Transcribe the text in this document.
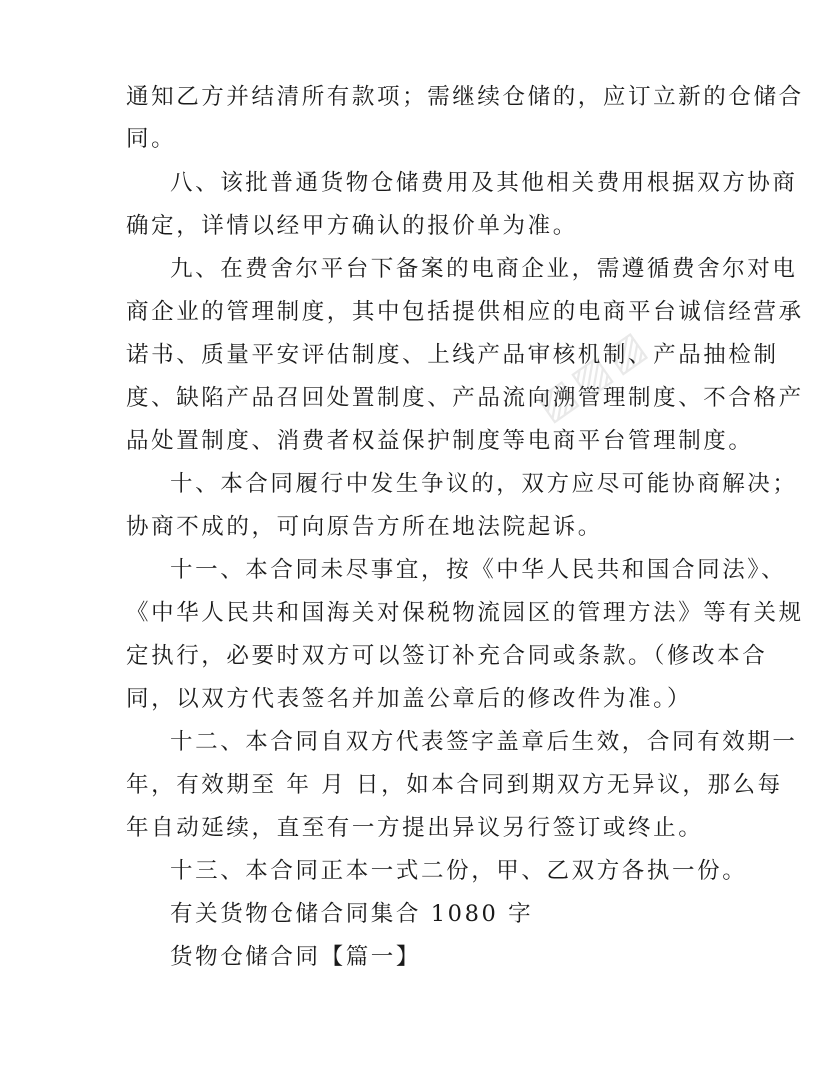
通知乙方并结清所有款项；需继续仓储的，应订立新的仓储合

同。

八、该批普通货物仓储费用及其他相关费用根据双方协商

确定，详情以经甲方确认的报价单为准。

九、在费舍尔平台下备案的电商企业，需遵循费舍尔对电

商企业的管理制度，其中包括提供相应的电商平台诚信经营承

诺书、质量平安评估制度、上线产品审核机制、产品抽检制

度、缺陷产品召回处置制度、产品流向溯管理制度、不合格产

品处置制度、消费者权益保护制度等电商平台管理制度。

十、本合同履行中发生争议的，双方应尽可能协商解决；

协商不成的，可向原告方所在地法院起诉。

十一、本合同未尽事宜，按《中华人民共和国合同法》、

《中华人民共和国海关对保税物流园区的管理方法》等有关规

定执行，必要时双方可以签订补充合同或条款。（修改本合

同，以双方代表签名并加盖公章后的修改件为准。）

十二、本合同自双方代表签字盖章后生效，合同有效期一

年，有效期至 年 月 日，如本合同到期双方无异议，那么每

年自动延续，直至有一方提出异议另行签订或终止。

十三、本合同正本一式二份，甲、乙双方各执一份。

有关货物仓储合同集合 1080 字

货物仓储合同【篇一】

▨▨▨
